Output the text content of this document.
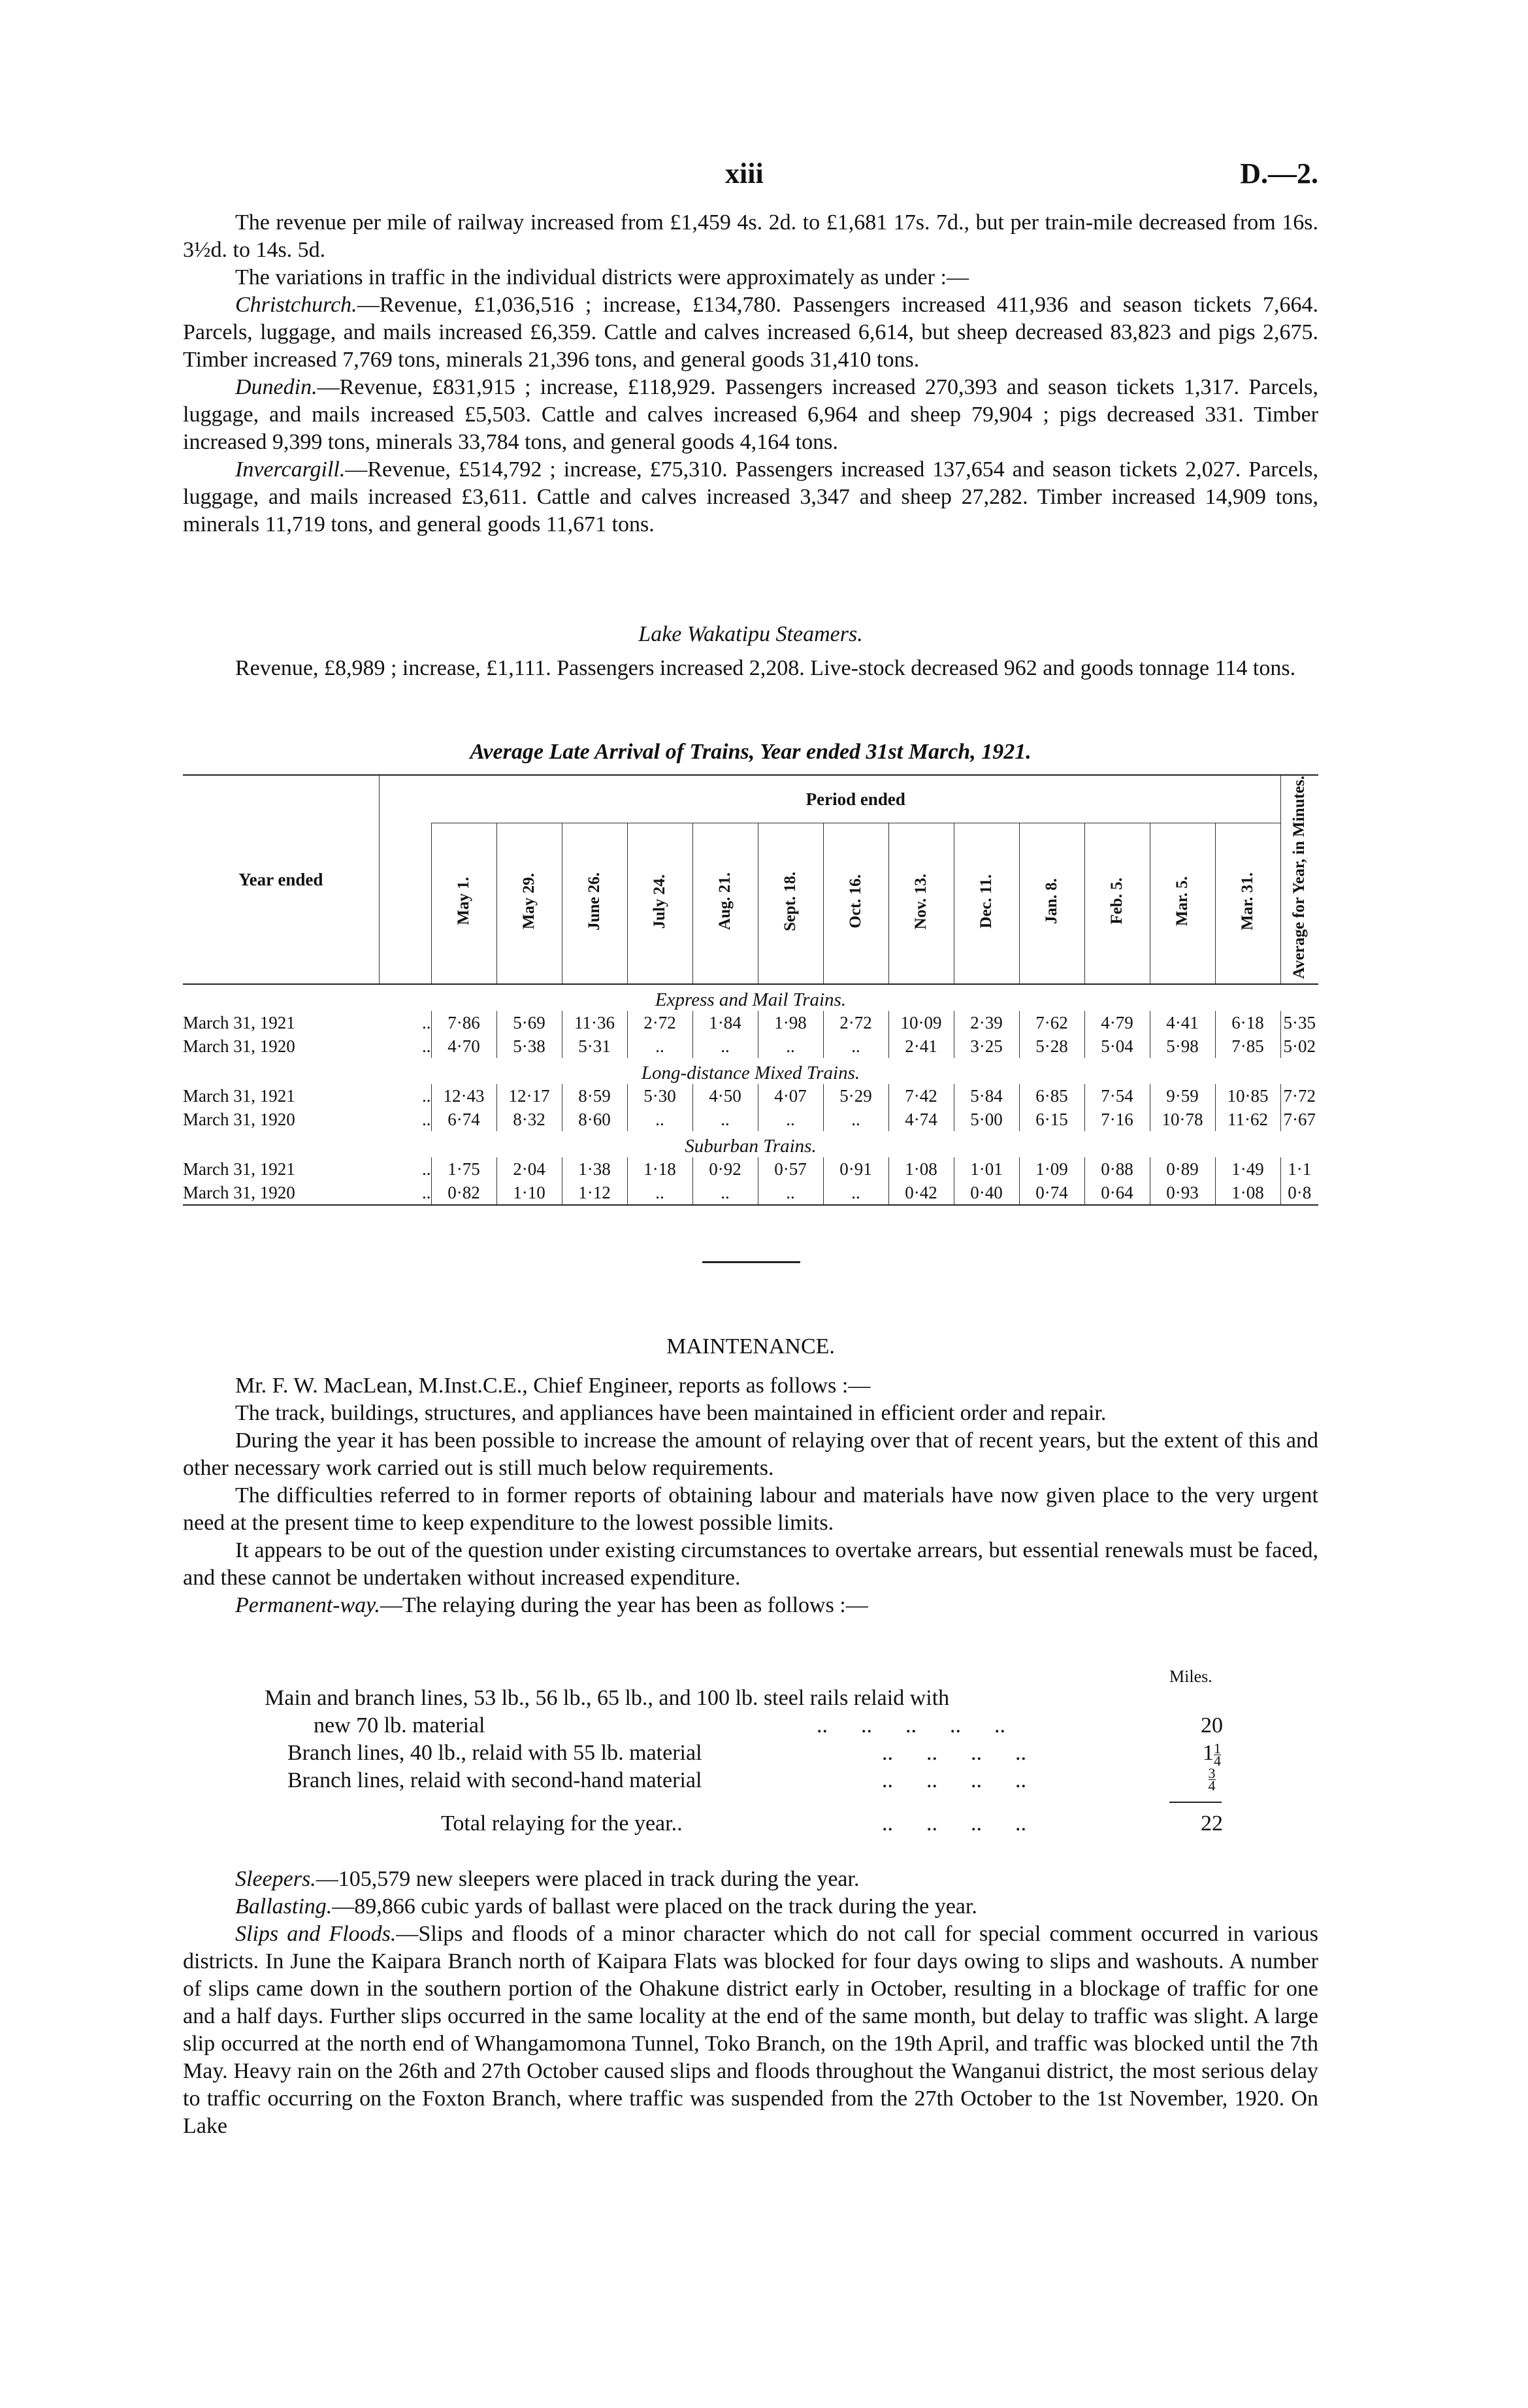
xiii	D.—2.

The revenue per mile of railway increased from £1,459 4s. 2d. to £1,681 17s. 7d., but per train-mile decreased from 16s. 3½d. to 14s. 5d.

The variations in traffic in the individual districts were approximately as under :—

Christchurch.—Revenue, £1,036,516 ; increase, £134,780. Passengers increased 411,936 and season tickets 7,664. Parcels, luggage, and mails increased £6,359. Cattle and calves increased 6,614, but sheep decreased 83,823 and pigs 2,675. Timber increased 7,769 tons, minerals 21,396 tons, and general goods 31,410 tons.

Dunedin.—Revenue, £831,915 ; increase, £118,929. Passengers increased 270,393 and season tickets 1,317. Parcels, luggage, and mails increased £5,503. Cattle and calves increased 6,964 and sheep 79,904 ; pigs decreased 331. Timber increased 9,399 tons, minerals 33,784 tons, and general goods 4,164 tons.

Invercargill.—Revenue, £514,792 ; increase, £75,310. Passengers increased 137,654 and season tickets 2,027. Parcels, luggage, and mails increased £3,611. Cattle and calves increased 3,347 and sheep 27,282. Timber increased 14,909 tons, minerals 11,719 tons, and general goods 11,671 tons.

Lake Wakatipu Steamers.

Revenue, £8,989 ; increase, £1,111. Passengers increased 2,208. Live-stock decreased 962 and goods tonnage 114 tons.

Average Late Arrival of Trains, Year ended 31st March, 1921.
Year ended		Period ended													Average for Year, in Minutes.
		May 1.	May 29.	June 26.	July 24.	Aug. 21.	Sept. 18.	Oct. 16.	Nov. 13.	Dec. 11.	Jan. 8.	Feb. 5.	Mar. 5.	Mar. 31.	
Express and Mail Trains.															
March 31, 1921	..	7·86	5·69	11·36	2·72	1·84	1·98	2·72	10·09	2·39	7·62	4·79	4·41	6·18	5·35
March 31, 1920	..	4·70	5·38	5·31	..	..	..	..	2·41	3·25	5·28	5·04	5·98	7·85	5·02
Long-distance Mixed Trains.															
March 31, 1921	..	12·43	12·17	8·59	5·30	4·50	4·07	5·29	7·42	5·84	6·85	7·54	9·59	10·85	7·72
March 31, 1920	..	6·74	8·32	8·60	..	..	..	..	4·74	5·00	6·15	7·16	10·78	11·62	7·67
Suburban Trains.															
March 31, 1921	..	1·75	2·04	1·38	1·18	0·92	0·57	0·91	1·08	1·01	1·09	0·88	0·89	1·49	1·1
March 31, 1920	..	0·82	1·10	1·12	..	..	..	..	0·42	0·40	0·74	0·64	0·93	1·08	0·8

MAINTENANCE.

Mr. F. W. MacLean, M.Inst.C.E., Chief Engineer, reports as follows :—

The track, buildings, structures, and appliances have been maintained in efficient order and repair.

During the year it has been possible to increase the amount of relaying over that of recent years, but the extent of this and other necessary work carried out is still much below requirements.

The difficulties referred to in former reports of obtaining labour and materials have now given place to the very urgent need at the present time to keep expenditure to the lowest possible limits.

It appears to be out of the question under existing circumstances to overtake arrears, but essential renewals must be faced, and these cannot be undertaken without increased expenditure.

Permanent-way.—The relaying during the year has been as follows :—

Miles.
Main and branch lines, 53 lb., 56 lb., 65 lb., and 100 lb. steel rails relaid with
new 70 lb. material	..      ..      ..      ..      ..	20
Branch lines, 40 lb., relaid with 55 lb. material	..      ..      ..      ..	$1 \frac{1}{4}$
Branch lines, relaid with second-hand material	..      ..      ..      ..	$\frac{3}{4}$
Total relaying for the year..	..      ..      ..      ..	22

Sleepers.—105,579 new sleepers were placed in track during the year.

Ballasting.—89,866 cubic yards of ballast were placed on the track during the year.

Slips and Floods.—Slips and floods of a minor character which do not call for special comment occurred in various districts. In June the Kaipara Branch north of Kaipara Flats was blocked for four days owing to slips and washouts. A number of slips came down in the southern portion of the Ohakune district early in October, resulting in a blockage of traffic for one and a half days. Further slips occurred in the same locality at the end of the same month, but delay to traffic was slight. A large slip occurred at the north end of Whangamomona Tunnel, Toko Branch, on the 19th April, and traffic was blocked until the 7th May. Heavy rain on the 26th and 27th October caused slips and floods throughout the Wanganui district, the most serious delay to traffic occurring on the Foxton Branch, where traffic was suspended from the 27th October to the 1st November, 1920. On Lake
